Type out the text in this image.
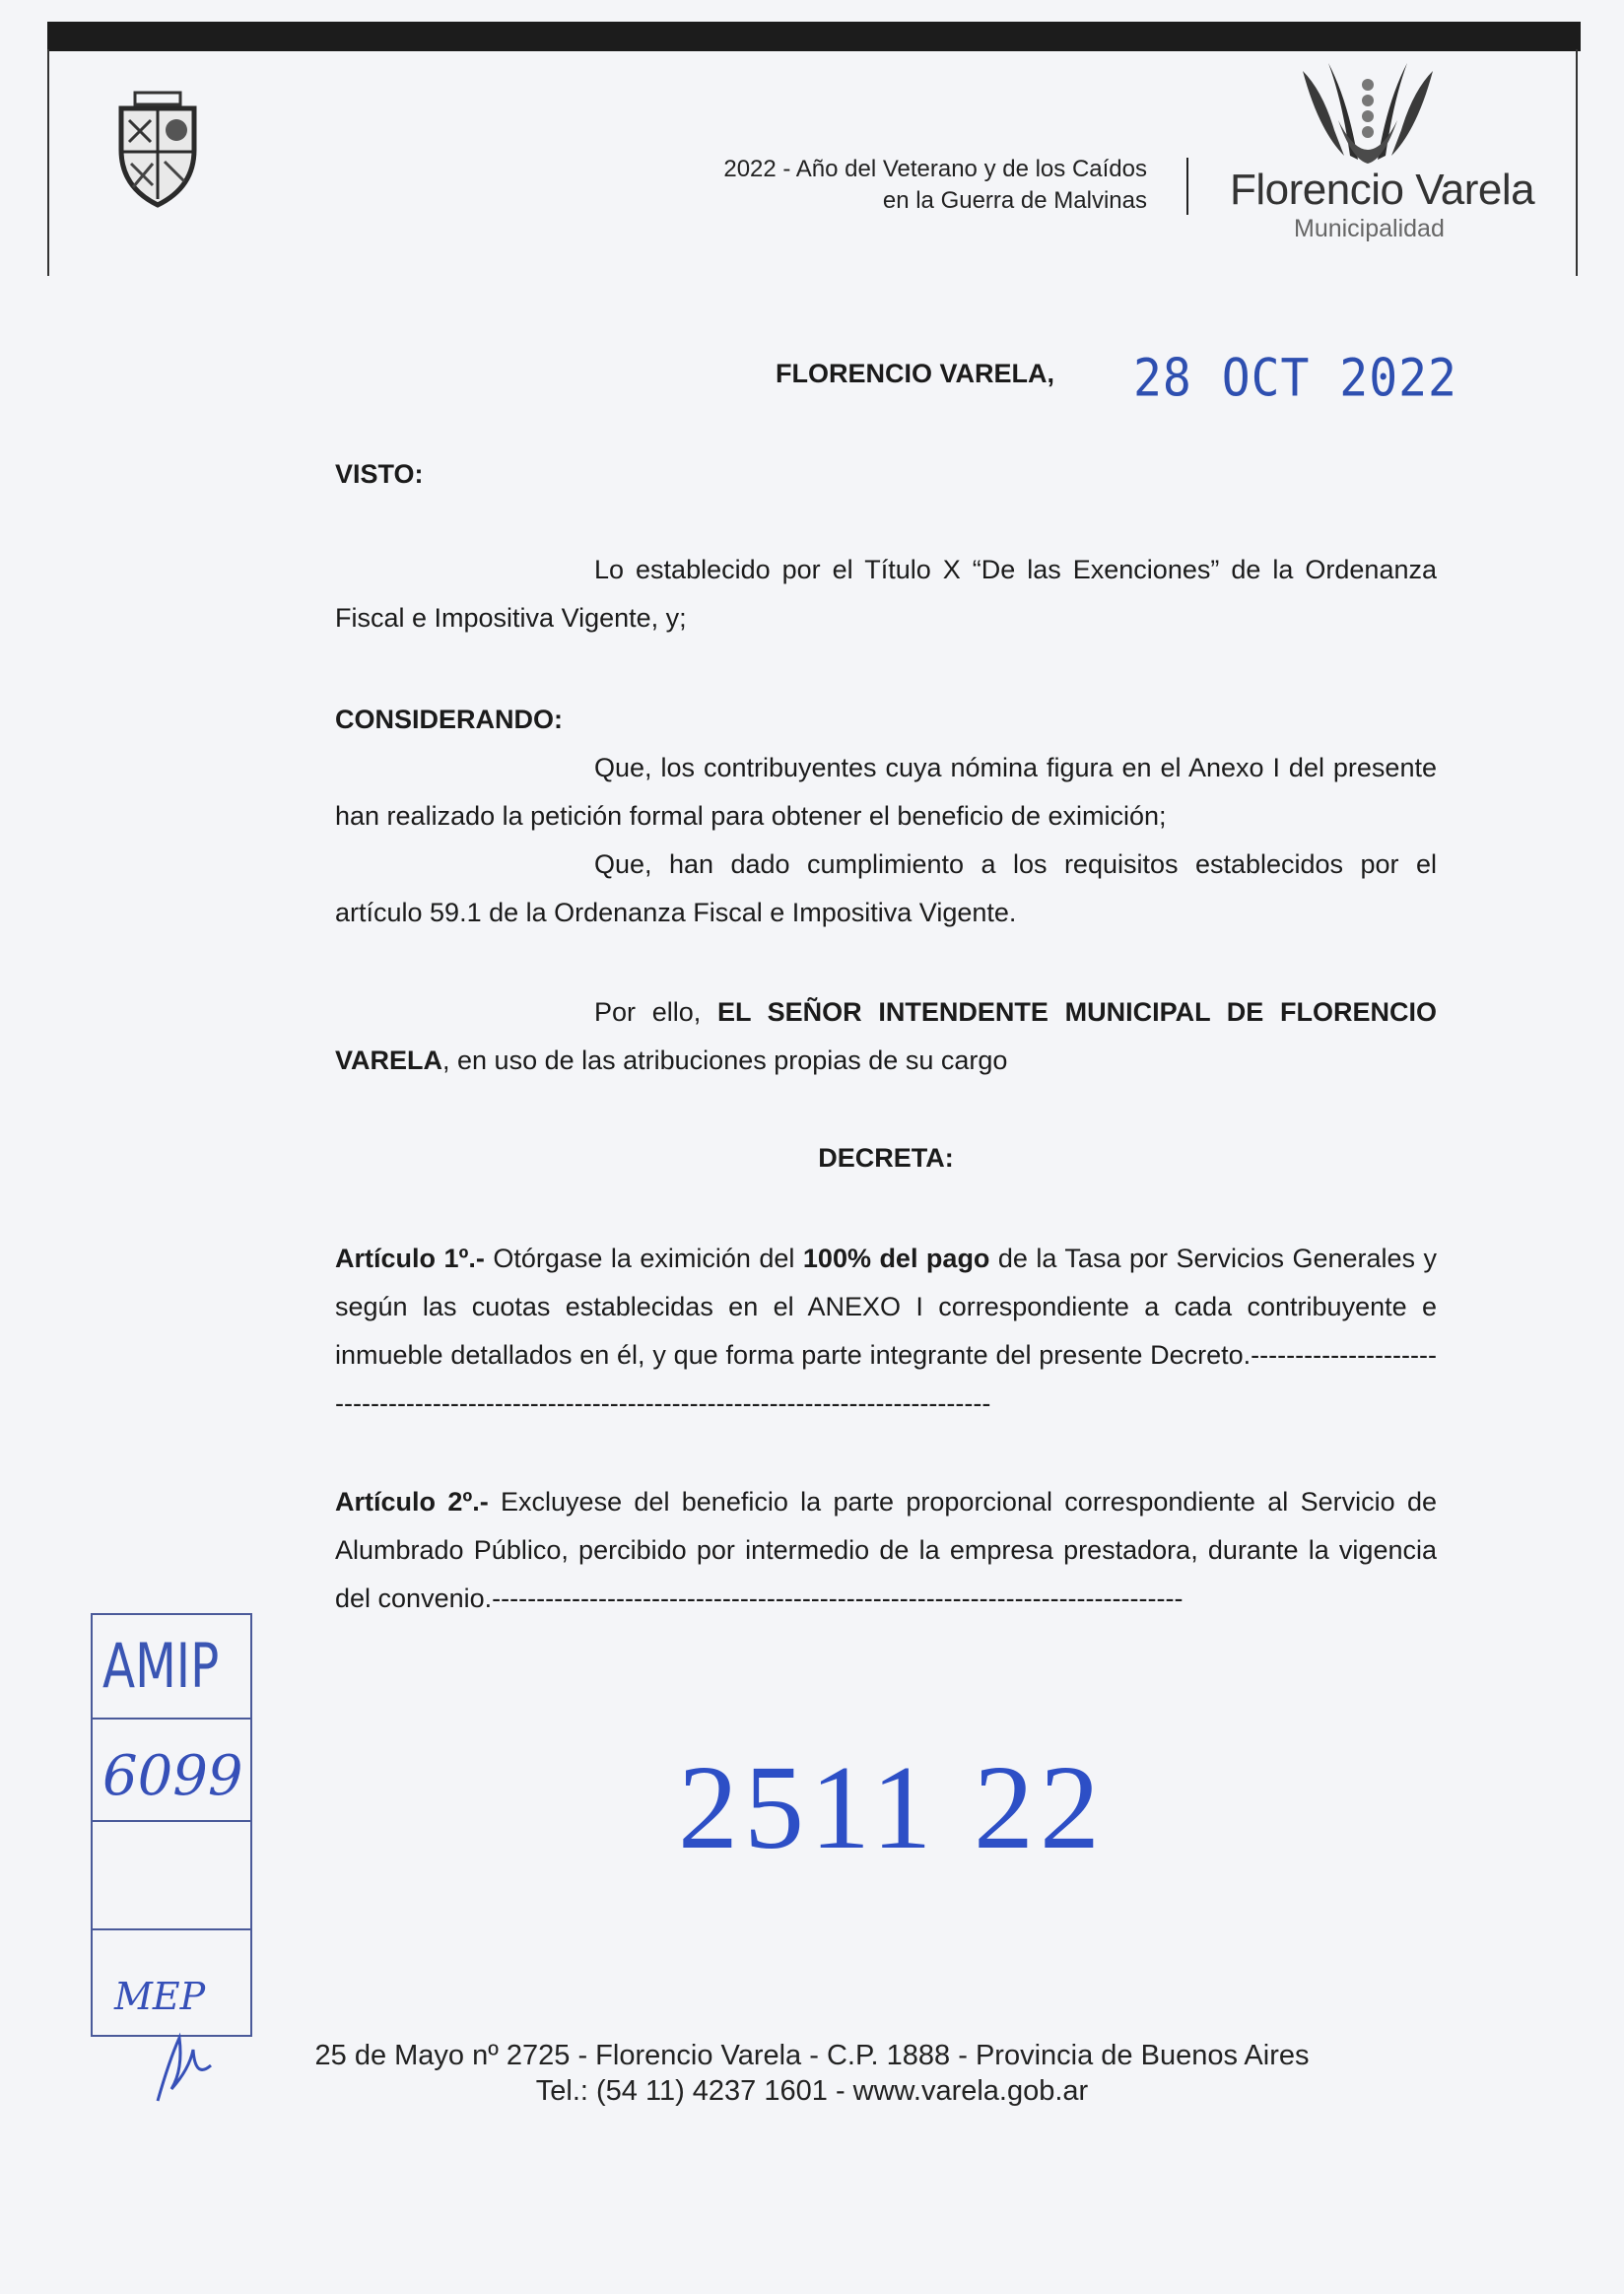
2022 - Año del Veterano y de los Caídos
en la Guerra de Malvinas Florencio Varela
Municipalidad
FLORENCIO VARELA, 28 OCT 2022
VISTO:
Lo establecido por el Título X “De las Exenciones” de la Ordenanza Fiscal e Impositiva Vigente, y;
CONSIDERANDO:
Que, los contribuyentes cuya nómina figura en el Anexo I del presente han realizado la petición formal para obtener el beneficio de eximición;
Que, han dado cumplimiento a los requisitos establecidos por el artículo 59.1 de la Ordenanza Fiscal e Impositiva Vigente.
Por ello, EL SEÑOR INTENDENTE MUNICIPAL DE FLORENCIO VARELA, en uso de las atribuciones propias de su cargo
DECRETA:
Artículo 1º.- Otórgase la eximición del 100% del pago de la Tasa por Servicios Generales y según las cuotas establecidas en el ANEXO I correspondiente a cada contribuyente e inmueble detallados en él, y que forma parte integrante del presente Decreto.-----------------------------------------------------------------------------------------------
Artículo 2º.- Excluyese del beneficio la parte proporcional correspondiente al Servicio de Alumbrado Público, percibido por intermedio de la empresa prestadora, durante la vigencia del convenio.------------------------------------------------------------------------------
2511 22
AMIP
6099
MEP
25 de Mayo nº 2725 - Florencio Varela - C.P. 1888 - Provincia de Buenos Aires
Tel.: (54 11) 4237 1601 - www.varela.gob.ar
